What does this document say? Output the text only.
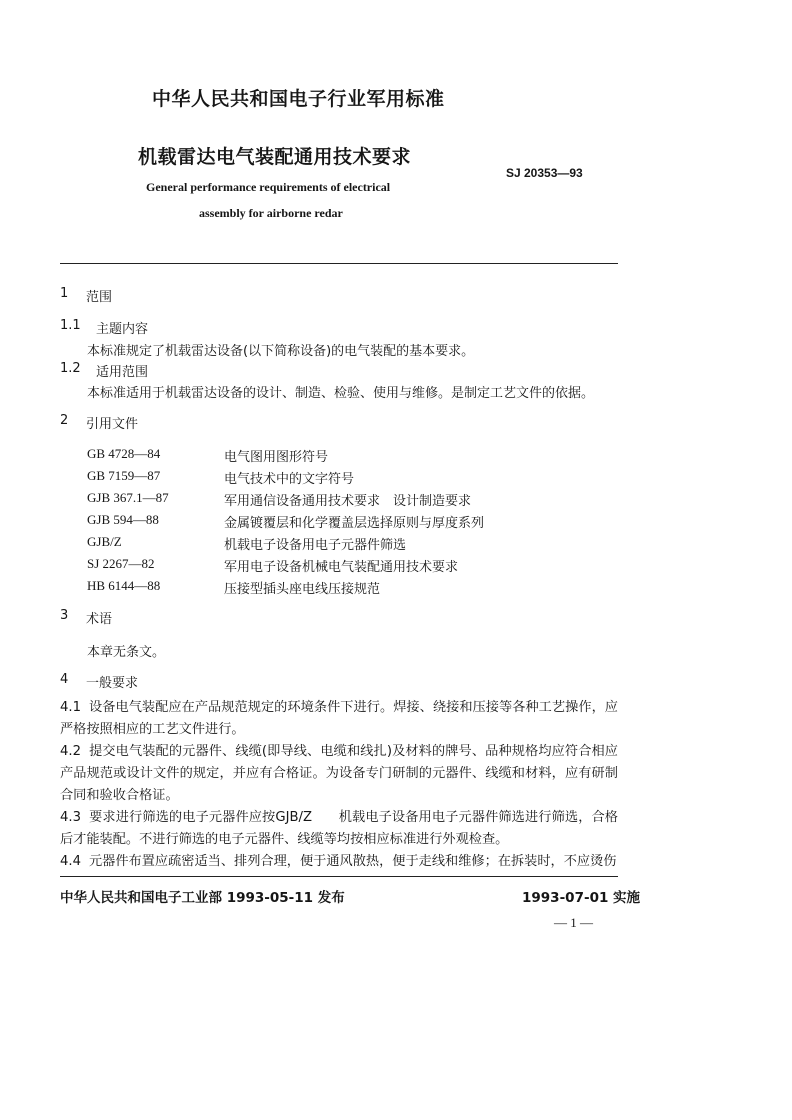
中华人民共和国电子行业军用标准
机载雷达电气装配通用技术要求
SJ 20353—93
General performance requirements of electrical
assembly for airborne redar
1 范围
1.1 主题内容
本标准规定了机载雷达设备(以下简称设备)的电气装配的基本要求。
1.2 适用范围
本标准适用于机载雷达设备的设计、制造、检验、使用与维修。是制定工艺文件的依据。
2 引用文件
GB 4728—84	电气图用图形符号
GB 7159—87	电气技术中的文字符号
GJB 367.1—87	军用通信设备通用技术要求　设计制造要求
GJB 594—88	金属镀覆层和化学覆盖层选择原则与厚度系列
GJB/Z	机载电子设备用电子元器件筛选
SJ 2267—82	军用电子设备机械电气装配通用技术要求
HB 6144—88	压接型插头座电线压接规范
3 术语
本章无条文。
4 一般要求
4.1 设备电气装配应在产品规范规定的环境条件下进行。焊接、绕接和压接等各种工艺操作，应严格按照相应的工艺文件进行。
4.2 提交电气装配的元器件、线缆(即导线、电缆和线扎)及材料的牌号、品种规格均应符合相应产品规范或设计文件的规定，并应有合格证。为设备专门研制的元器件、线缆和材料，应有研制合同和验收合格证。
4.3 要求进行筛选的电子元器件应按GJB/Z　　机载电子设备用电子元器件筛选进行筛选，合格后才能装配。不进行筛选的电子元器件、线缆等均按相应标准进行外观检查。
4.4 元器件布置应疏密适当、排列合理，便于通风散热，便于走线和维修；在拆装时，不应烫伤
中华人民共和国电子工业部 1993-05-11 发布	1993-07-01 实施
— 1 —
